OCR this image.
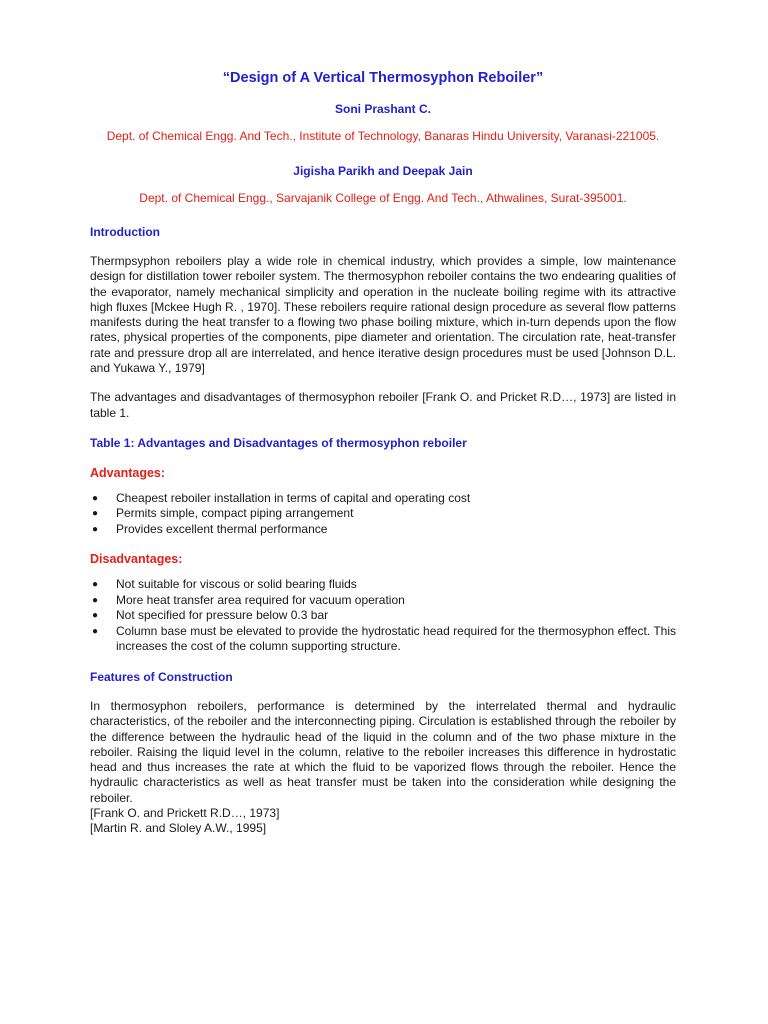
“Design of A Vertical Thermosyphon Reboiler”
Soni Prashant C.
Dept. of Chemical Engg. And Tech., Institute of Technology, Banaras Hindu University, Varanasi-221005.
Jigisha Parikh and Deepak Jain
Dept. of Chemical Engg., Sarvajanik College of Engg. And Tech., Athwalines, Surat-395001.
Introduction
Thermpsyphon reboilers play a wide role in chemical industry, which provides a simple, low maintenance design for distillation tower reboiler system. The thermosyphon reboiler contains the two endearing qualities of the evaporator, namely mechanical simplicity and operation in the nucleate boiling regime with its attractive high fluxes [Mckee Hugh R. , 1970]. These reboilers require rational design procedure as several flow patterns manifests during the heat transfer to a flowing two phase boiling mixture, which in-turn depends upon the flow rates, physical properties of the components, pipe diameter and orientation. The circulation rate, heat-transfer rate and pressure drop all are interrelated, and hence iterative design procedures must be used [Johnson D.L. and Yukawa Y., 1979]
The advantages and disadvantages of thermosyphon reboiler [Frank O. and Pricket R.D…, 1973] are listed in table 1.
Table 1: Advantages and Disadvantages of thermosyphon reboiler
Advantages:
● Cheapest reboiler installation in terms of capital and operating cost
● Permits simple, compact piping arrangement
● Provides excellent thermal performance
Disadvantages:
● Not suitable for viscous or solid bearing fluids
● More heat transfer area required for vacuum operation
● Not specified for pressure below 0.3 bar
● Column base must be elevated to provide the hydrostatic head required for the thermosyphon effect. This increases the cost of the column supporting structure.
Features of Construction
In thermosyphon reboilers, performance is determined by the interrelated thermal and hydraulic characteristics, of the reboiler and the interconnecting piping. Circulation is established through the reboiler by the difference between the hydraulic head of the liquid in the column and of the two phase mixture in the reboiler. Raising the liquid level in the column, relative to the reboiler increases this difference in hydrostatic head and thus increases the rate at which the fluid to be vaporized flows through the reboiler. Hence the hydraulic characteristics as well as heat transfer must be taken into the consideration while designing the reboiler.
[Frank O. and Prickett R.D…, 1973]
[Martin R. and Sloley A.W., 1995]
